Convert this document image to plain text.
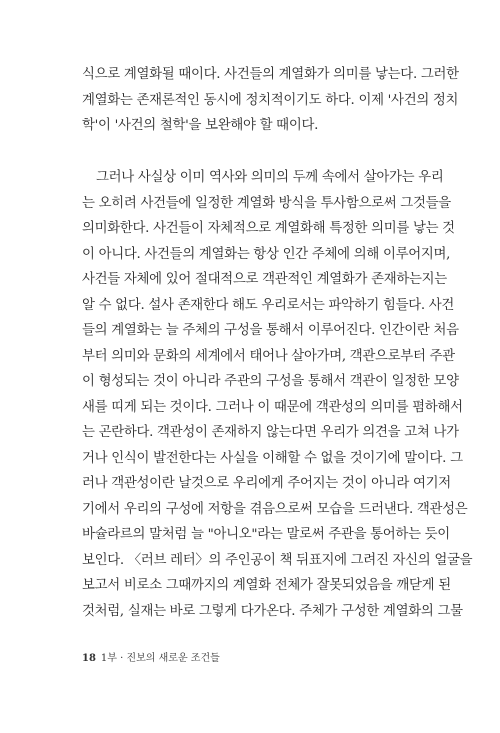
식으로 계열화될 때이다. 사건들의 계열화가 의미를 낳는다. 그러한
계열화는 존재론적인 동시에 정치적이기도 하다. 이제 '사건의 정치
학'이 '사건의 철학'을 보완해야 할 때이다.
그러나 사실상 이미 역사와 의미의 두께 속에서 살아가는 우리
는 오히려 사건들에 일정한 계열화 방식을 투사함으로써 그것들을
의미화한다. 사건들이 자체적으로 계열화해 특정한 의미를 낳는 것
이 아니다. 사건들의 계열화는 항상 인간 주체에 의해 이루어지며,
사건들 자체에 있어 절대적으로 객관적인 계열화가 존재하는지는
알 수 없다. 설사 존재한다 해도 우리로서는 파악하기 힘들다. 사건
들의 계열화는 늘 주체의 구성을 통해서 이루어진다. 인간이란 처음
부터 의미와 문화의 세계에서 태어나 살아가며, 객관으로부터 주관
이 형성되는 것이 아니라 주관의 구성을 통해서 객관이 일정한 모양
새를 띠게 되는 것이다. 그러나 이 때문에 객관성의 의미를 폄하해서
는 곤란하다. 객관성이 존재하지 않는다면 우리가 의견을 고쳐 나가
거나 인식이 발전한다는 사실을 이해할 수 없을 것이기에 말이다. 그
러나 객관성이란 날것으로 우리에게 주어지는 것이 아니라 여기저
기에서 우리의 구성에 저항을 겪음으로써 모습을 드러낸다. 객관성은
바슐라르의 말처럼 늘 "아니오"라는 말로써 주관을 통어하는 듯이
보인다. 〈러브 레터〉의 주인공이 책 뒤표지에 그려진 자신의 얼굴을
보고서 비로소 그때까지의 계열화 전체가 잘못되었음을 깨닫게 된
것처럼, 실재는 바로 그렇게 다가온다. 주체가 구성한 계열화의 그물
18 1부 · 진보의 새로운 조건들
